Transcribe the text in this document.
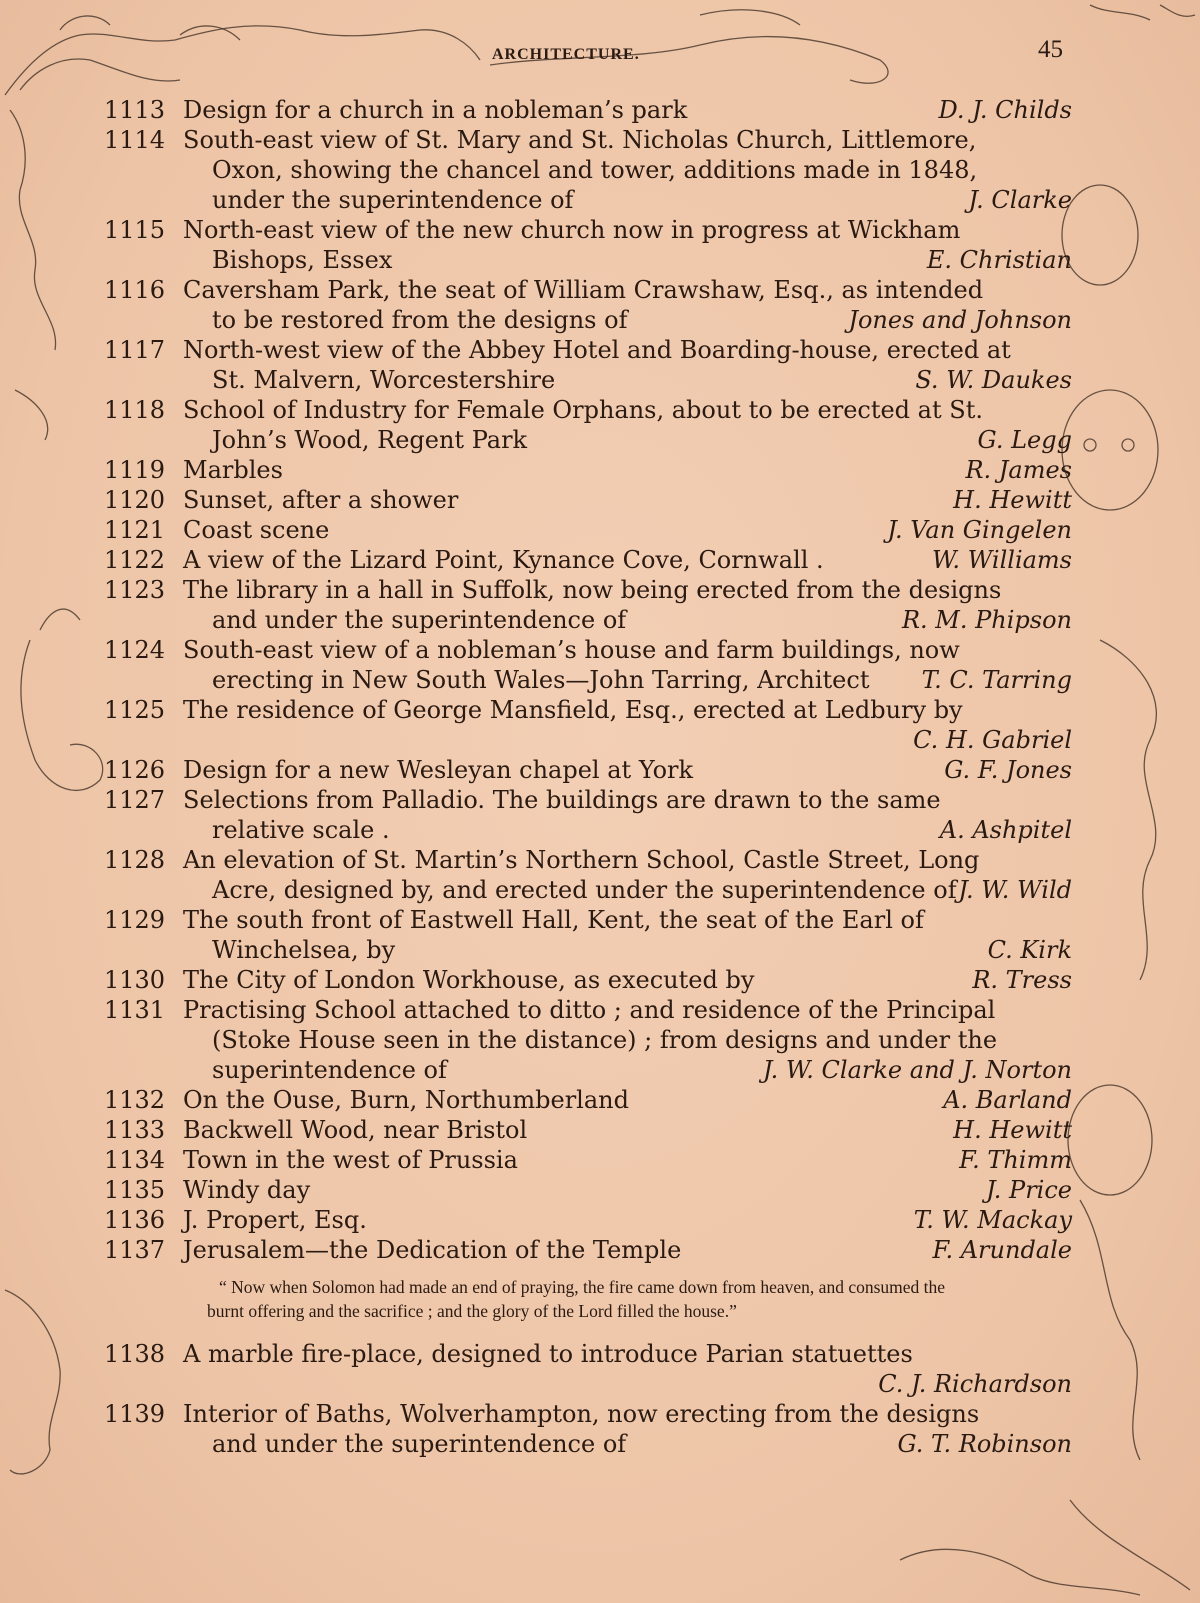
ARCHITECTURE.	45
1113 Design for a church in a nobleman’s park	D. J. Childs
1114 South-east view of St. Mary and St. Nicholas Church, Littlemore, Oxon, showing the chancel and tower, additions made in 1848, under the superintendence of	J. Clarke
1115 North-east view of the new church now in progress at Wickham Bishops, Essex	E. Christian
1116 Caversham Park, the seat of William Crawshaw, Esq., as intended to be restored from the designs of	Jones and Johnson
1117 North-west view of the Abbey Hotel and Boarding-house, erected at St. Malvern, Worcestershire	S. W. Daukes
1118 School of Industry for Female Orphans, about to be erected at St. John’s Wood, Regent Park	G. Legg
1119 Marbles	R. James
1120 Sunset, after a shower	H. Hewitt
1121 Coast scene	J. Van Gingelen
1122 A view of the Lizard Point, Kynance Cove, Cornwall .	W. Williams
1123 The library in a hall in Suffolk, now being erected from the designs and under the superintendence of	R. M. Phipson
1124 South-east view of a nobleman’s house and farm buildings, now erecting in New South Wales—John Tarring, Architect	T. C. Tarring
1125 The residence of George Mansfield, Esq., erected at Ledbury by
C. H. Gabriel
1126 Design for a new Wesleyan chapel at York	G. F. Jones
1127 Selections from Palladio. The buildings are drawn to the same relative scale .	A. Ashpitel
1128 An elevation of St. Martin’s Northern School, Castle Street, Long Acre, designed by, and erected under the superintendence of J. W. Wild
1129 The south front of Eastwell Hall, Kent, the seat of the Earl of Winchelsea, by	C. Kirk
1130 The City of London Workhouse, as executed by	R. Tress
1131 Practising School attached to ditto ; and residence of the Principal (Stoke House seen in the distance) ; from designs and under the superintendence of	J. W. Clarke and J. Norton
1132 On the Ouse, Burn, Northumberland	A. Barland
1133 Backwell Wood, near Bristol	H. Hewitt
1134 Town in the west of Prussia	F. Thimm
1135 Windy day	J. Price
1136 J. Propert, Esq.	T. W. Mackay
1137 Jerusalem—the Dedication of the Temple	F. Arundale
“ Now when Solomon had made an end of praying, the fire came down from heaven, and consumed the burnt offering and the sacrifice ; and the glory of the Lord filled the house.”
1138 A marble fire-place, designed to introduce Parian statuettes
C. J. Richardson
1139 Interior of Baths, Wolverhampton, now erecting from the designs and under the superintendence of	G. T. Robinson
